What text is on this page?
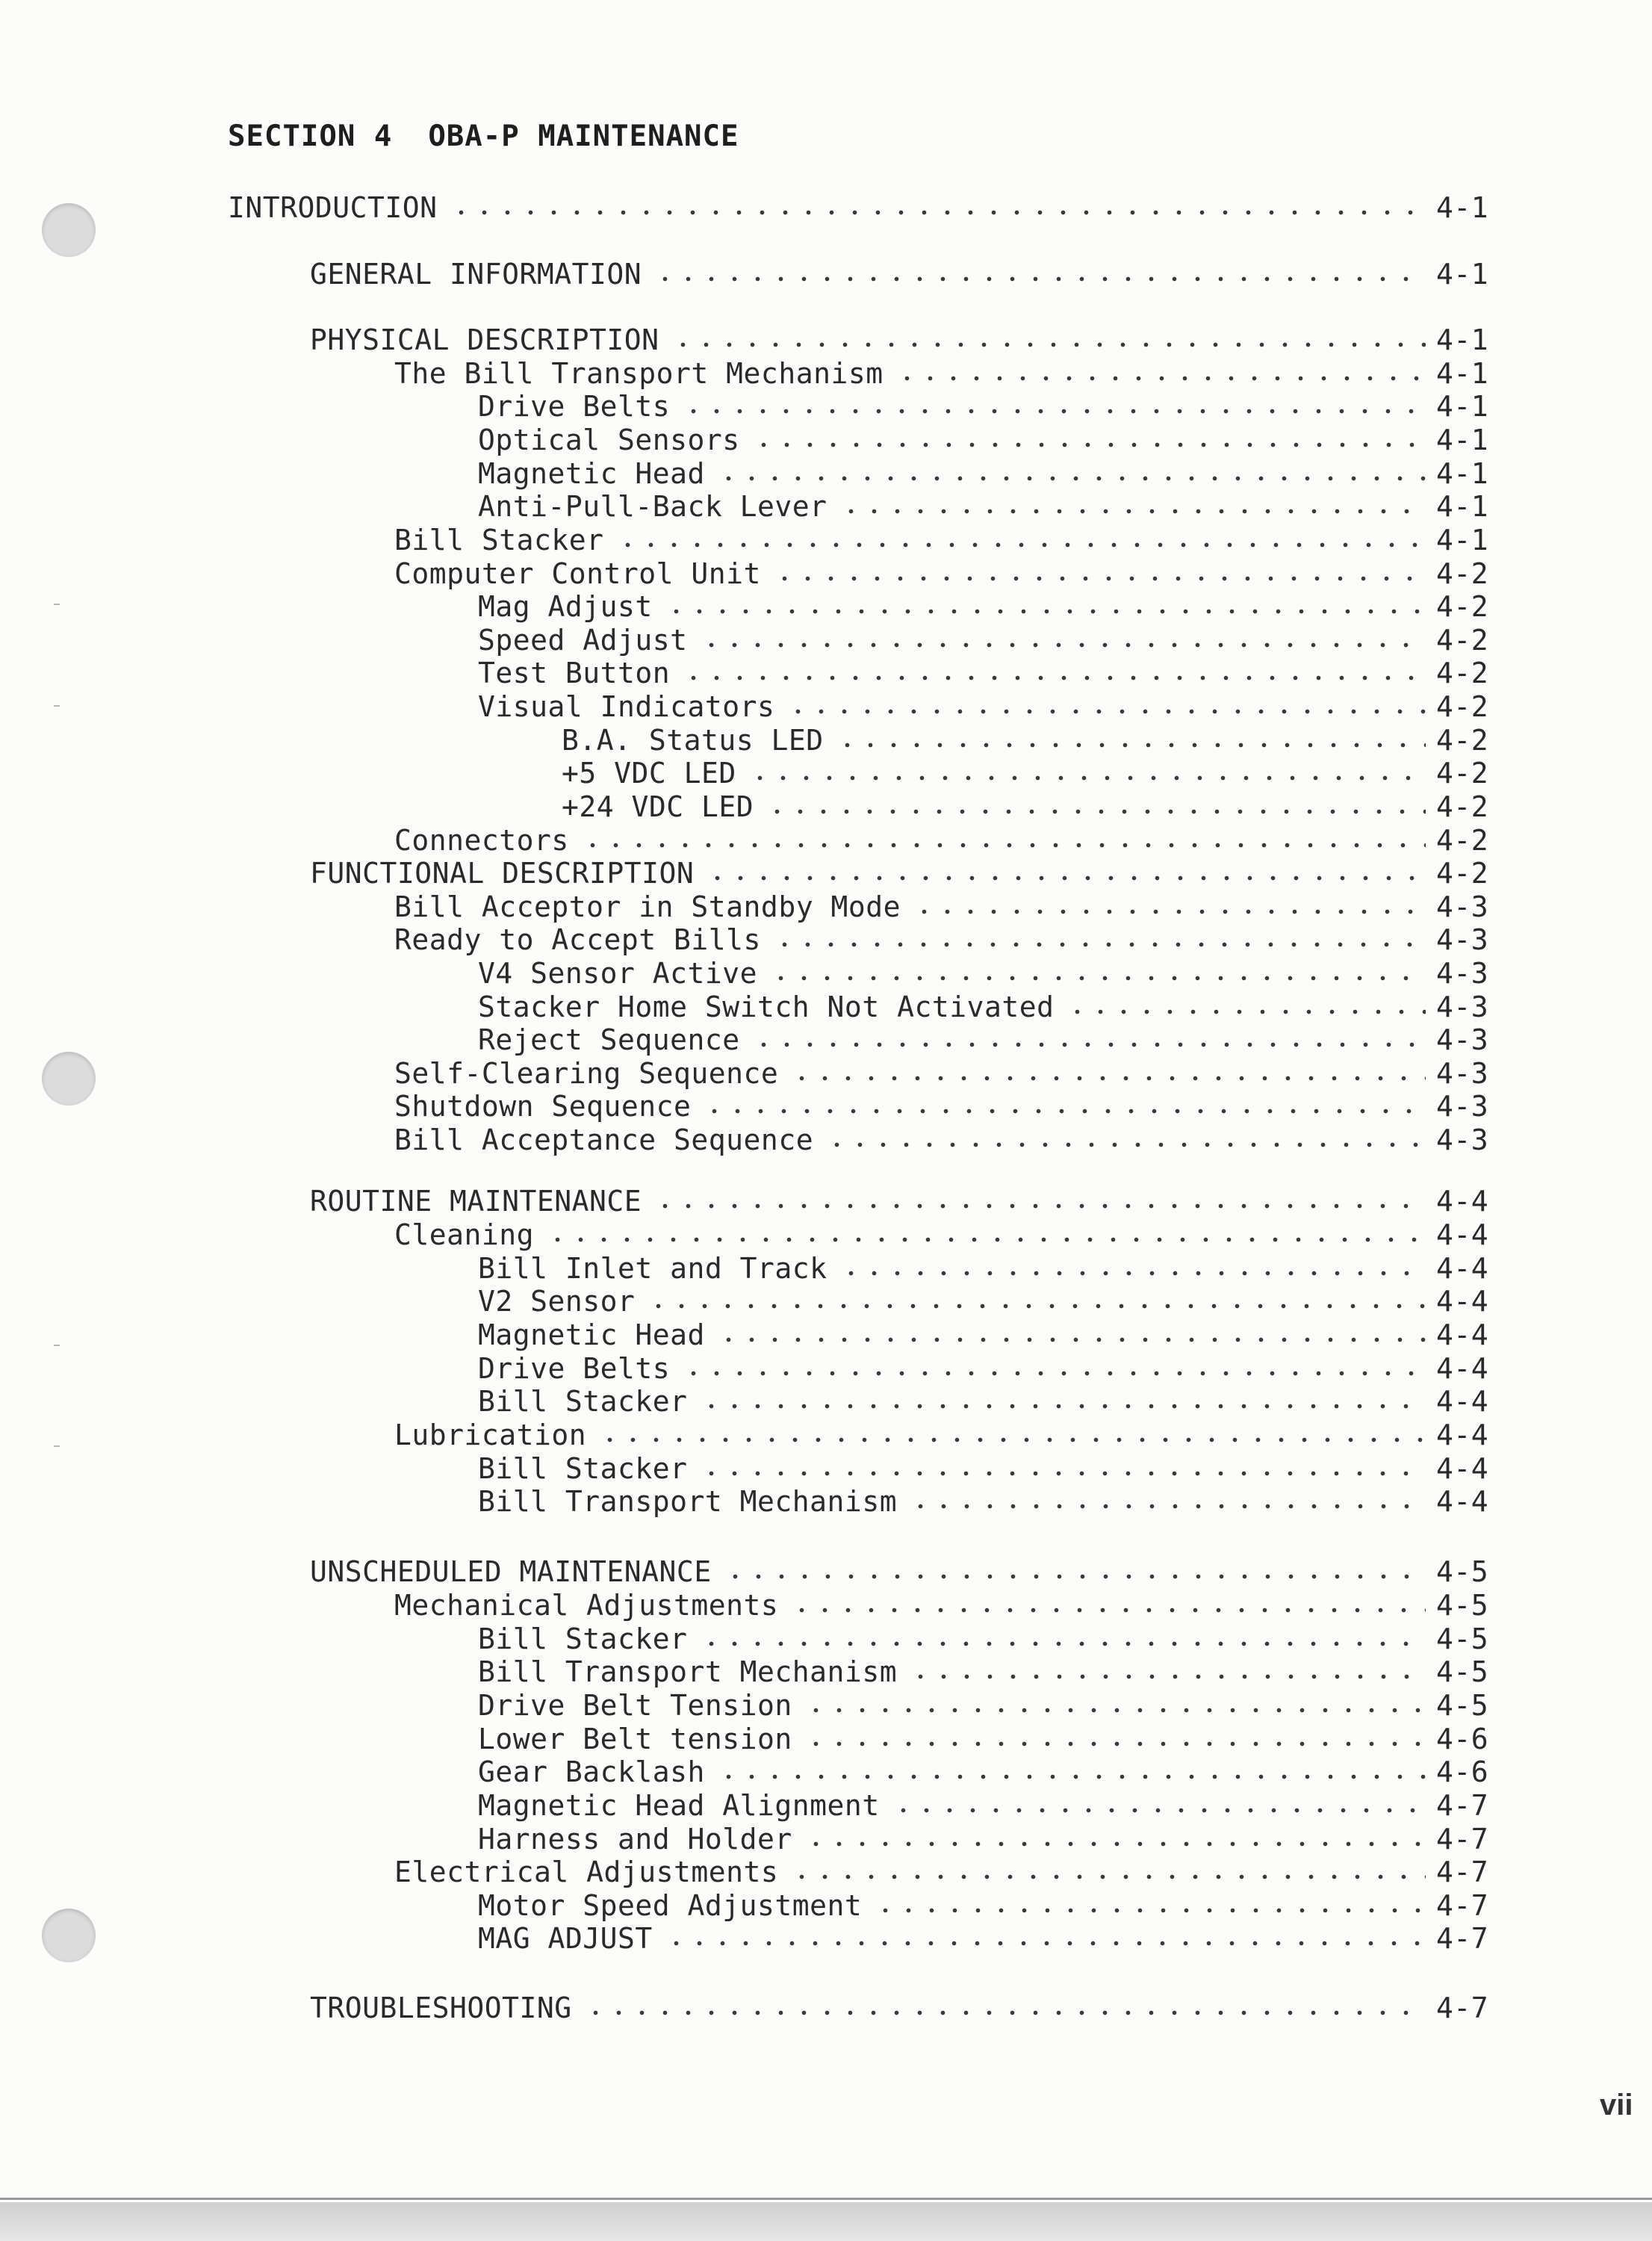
SECTION 4 OBA-P MAINTENANCE
INTRODUCTION	4-1
GENERAL INFORMATION	4-1
PHYSICAL DESCRIPTION	4-1
The Bill Transport Mechanism	4-1
Drive Belts	4-1
Optical Sensors	4-1
Magnetic Head	4-1
Anti-Pull-Back Lever	4-1
Bill Stacker	4-1
Computer Control Unit	4-2
Mag Adjust	4-2
Speed Adjust	4-2
Test Button	4-2
Visual Indicators	4-2
B.A. Status LED	4-2
+5 VDC LED	4-2
+24 VDC LED	4-2
Connectors	4-2
FUNCTIONAL DESCRIPTION	4-2
Bill Acceptor in Standby Mode	4-3
Ready to Accept Bills	4-3
V4 Sensor Active	4-3
Stacker Home Switch Not Activated	4-3
Reject Sequence	4-3
Self-Clearing Sequence	4-3
Shutdown Sequence	4-3
Bill Acceptance Sequence	4-3
ROUTINE MAINTENANCE	4-4
Cleaning	4-4
Bill Inlet and Track	4-4
V2 Sensor	4-4
Magnetic Head	4-4
Drive Belts	4-4
Bill Stacker	4-4
Lubrication	4-4
Bill Stacker	4-4
Bill Transport Mechanism	4-4
UNSCHEDULED MAINTENANCE	4-5
Mechanical Adjustments	4-5
Bill Stacker	4-5
Bill Transport Mechanism	4-5
Drive Belt Tension	4-5
Lower Belt tension	4-6
Gear Backlash	4-6
Magnetic Head Alignment	4-7
Harness and Holder	4-7
Electrical Adjustments	4-7
Motor Speed Adjustment	4-7
MAG ADJUST	4-7
TROUBLESHOOTING	4-7
vii
